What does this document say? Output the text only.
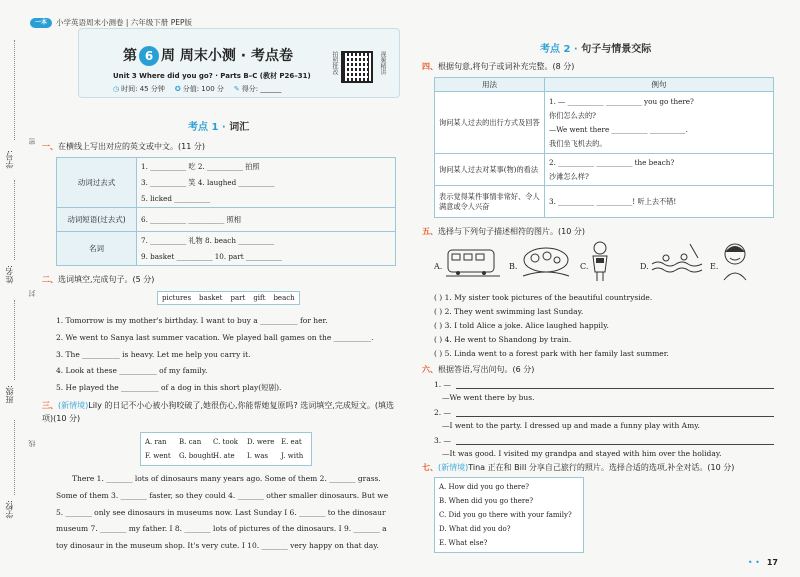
一本	小学英语周末小测卷 | 六年级下册 PEP版
学号:
姓名:
班级:
学校:
密
封
线
第 6 周 周末小测 · 考点卷
Unit 3 Where did you go? · Parts B–C (教材 P26–31)
◷ 时间: 45 分钟 ✪ 分值: 100 分 ✎ 得分: ______
拍照批改	视频精讲
考点 1 · 词汇
一、在横线上写出对应的英文或中文。(11 分)
动词过去式	1. __________ 吃 2. __________ 拍照
3. __________ 笑 4. laughed __________
5. licked __________

动词短语(过去式)	6. __________ __________ 照相

名词	7. __________ 礼物 8. beach __________
9. basket __________ 10. part __________
二、选词填空,完成句子。(5 分)
pictures basket part gift beach
1. Tomorrow is my mother's birthday. I want to buy a __________ for her.
2. We went to Sanya last summer vacation. We played ball games on the __________.
3. The __________ is heavy. Let me help you carry it.
4. Look at these __________ of my family.
5. He played the __________ of a dog in this short play(短剧).
三、(新情境)Lily 的日记不小心被小狗咬破了,她很伤心,你能帮她复原吗? 选词填空,完成短文。(填选项)(10 分)
A. ran B. can C. took D. were E. eat
F. went G. boughtH. ate I. was J. with
There 1. _______ lots of dinosaurs many years ago. Some of them 2. _______ grass.
Some of them 3. _______ faster, so they could 4. _______ other smaller dinosaurs. But we
5. _______ only see dinosaurs in museums now. Last Sunday I 6. _______ to the dinosaur
museum 7. _______ my father. I 8. _______ lots of pictures of the dinosaurs. I 9. _______ a
toy dinosaur in the museum shop. It's very cute. I 10. _______ very happy on that day.
考点 2 · 句子与情景交际
四、根据句意,将句子或词补充完整。(8 分)
用法	例句
询问某人过去的出行方式及回答	1. — __________ __________ you go there?
你们怎么去的?
—We went there __________ __________.
我们坐飞机去的。

询问某人过去对某事(物)的看法	2. __________ __________ the beach?
沙滩怎么样?

表示觉得某件事情非常好、令人满意或令人兴奋	3. __________ __________! 听上去不错!
五、选择与下列句子描述相符的图片。(10 分)
A.	B.	C.	D.	E.
( ) 1. My sister took pictures of the beautiful countryside.
( ) 2. They went swimming last Sunday.
( ) 3. I told Alice a joke. Alice laughed happily.
( ) 4. He went to Shandong by train.
( ) 5. Linda went to a forest park with her family last summer.
六、根据答语,写出问句。(6 分)
1. —
—We went there by bus.
2. —
—I went to the party. I dressed up and made a funny play with Amy.
3. —
—It was good. I visited my grandpa and stayed with him over the holiday.
七、(新情境)Tina 正在和 Bill 分享自己旅行的照片。选择合适的选项,补全对话。(10 分)
A. How did you go there?
B. When did you go there?
C. Did you go there with your family?
D. What did you do?
E. What else?
• • 17
